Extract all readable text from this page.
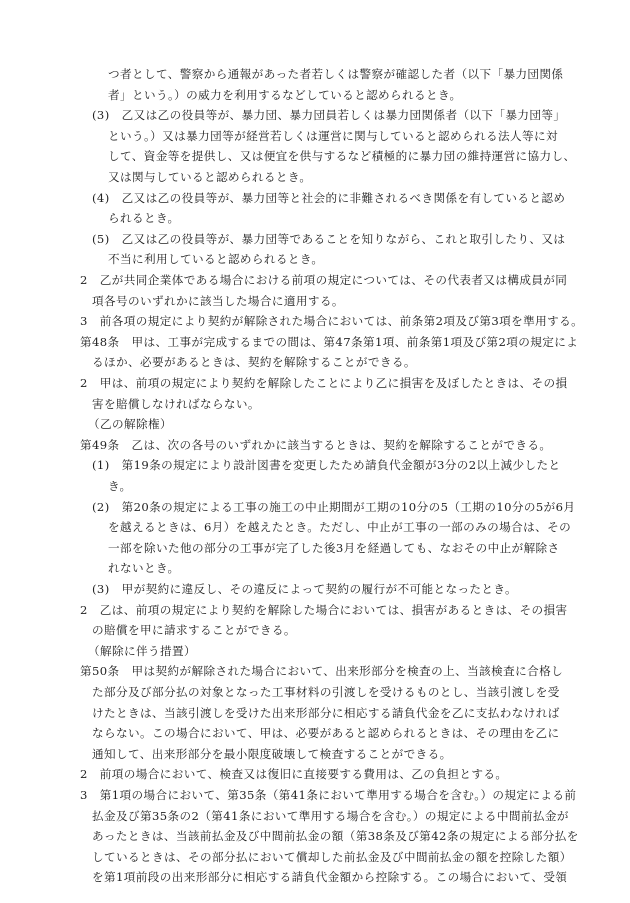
つ者として、警察から通報があった者若しくは警察が確認した者（以下「暴力団関係
者」という。）の威力を利用するなどしていると認められるとき。
(3)　乙又は乙の役員等が、暴力団、暴力団員若しくは暴力団関係者（以下「暴力団等」
という。）又は暴力団等が経営若しくは運営に関与していると認められる法人等に対
して、資金等を提供し、又は便宜を供与するなど積極的に暴力団の維持運営に協力し、
又は関与していると認められるとき。
(4)　乙又は乙の役員等が、暴力団等と社会的に非難されるべき関係を有していると認め
られるとき。
(5)　乙又は乙の役員等が、暴力団等であることを知りながら、これと取引したり、又は
不当に利用していると認められるとき。
2　乙が共同企業体である場合における前項の規定については、その代表者又は構成員が同
項各号のいずれかに該当した場合に適用する。
3　前各項の規定により契約が解除された場合においては、前条第2項及び第3項を準用する。
第48条　甲は、工事が完成するまでの間は、第47条第1項、前条第1項及び第2項の規定によ
るほか、必要があるときは、契約を解除することができる。
2　甲は、前項の規定により契約を解除したことにより乙に損害を及ぼしたときは、その損
害を賠償しなければならない。
（乙の解除権）
第49条　乙は、次の各号のいずれかに該当するときは、契約を解除することができる。
(1)　第19条の規定により設計図書を変更したため請負代金額が3分の2以上減少したと
き。
(2)　第20条の規定による工事の施工の中止期間が工期の10分の5（工期の10分の5が6月
を越えるときは、6月）を越えたとき。ただし、中止が工事の一部のみの場合は、その
一部を除いた他の部分の工事が完了した後3月を経過しても、なおその中止が解除さ
れないとき。
(3)　甲が契約に違反し、その違反によって契約の履行が不可能となったとき。
2　乙は、前項の規定により契約を解除した場合においては、損害があるときは、その損害
の賠償を甲に請求することができる。
（解除に伴う措置）
第50条　甲は契約が解除された場合において、出来形部分を検査の上、当該検査に合格し
た部分及び部分払の対象となった工事材料の引渡しを受けるものとし、当該引渡しを受
けたときは、当該引渡しを受けた出来形部分に相応する請負代金を乙に支払わなければ
ならない。この場合において、甲は、必要があると認められるときは、その理由を乙に
通知して、出来形部分を最小限度破壊して検査することができる。
2　前項の場合において、検査又は復旧に直接要する費用は、乙の負担とする。
3　第1項の場合において、第35条（第41条において準用する場合を含む。）の規定による前
払金及び第35条の2（第41条において準用する場合を含む。）の規定による中間前払金が
あったときは、当該前払金及び中間前払金の額（第38条及び第42条の規定による部分払を
しているときは、その部分払において償却した前払金及び中間前払金の額を控除した額）
を第1項前段の出来形部分に相応する請負代金額から控除する。この場合において、受領
